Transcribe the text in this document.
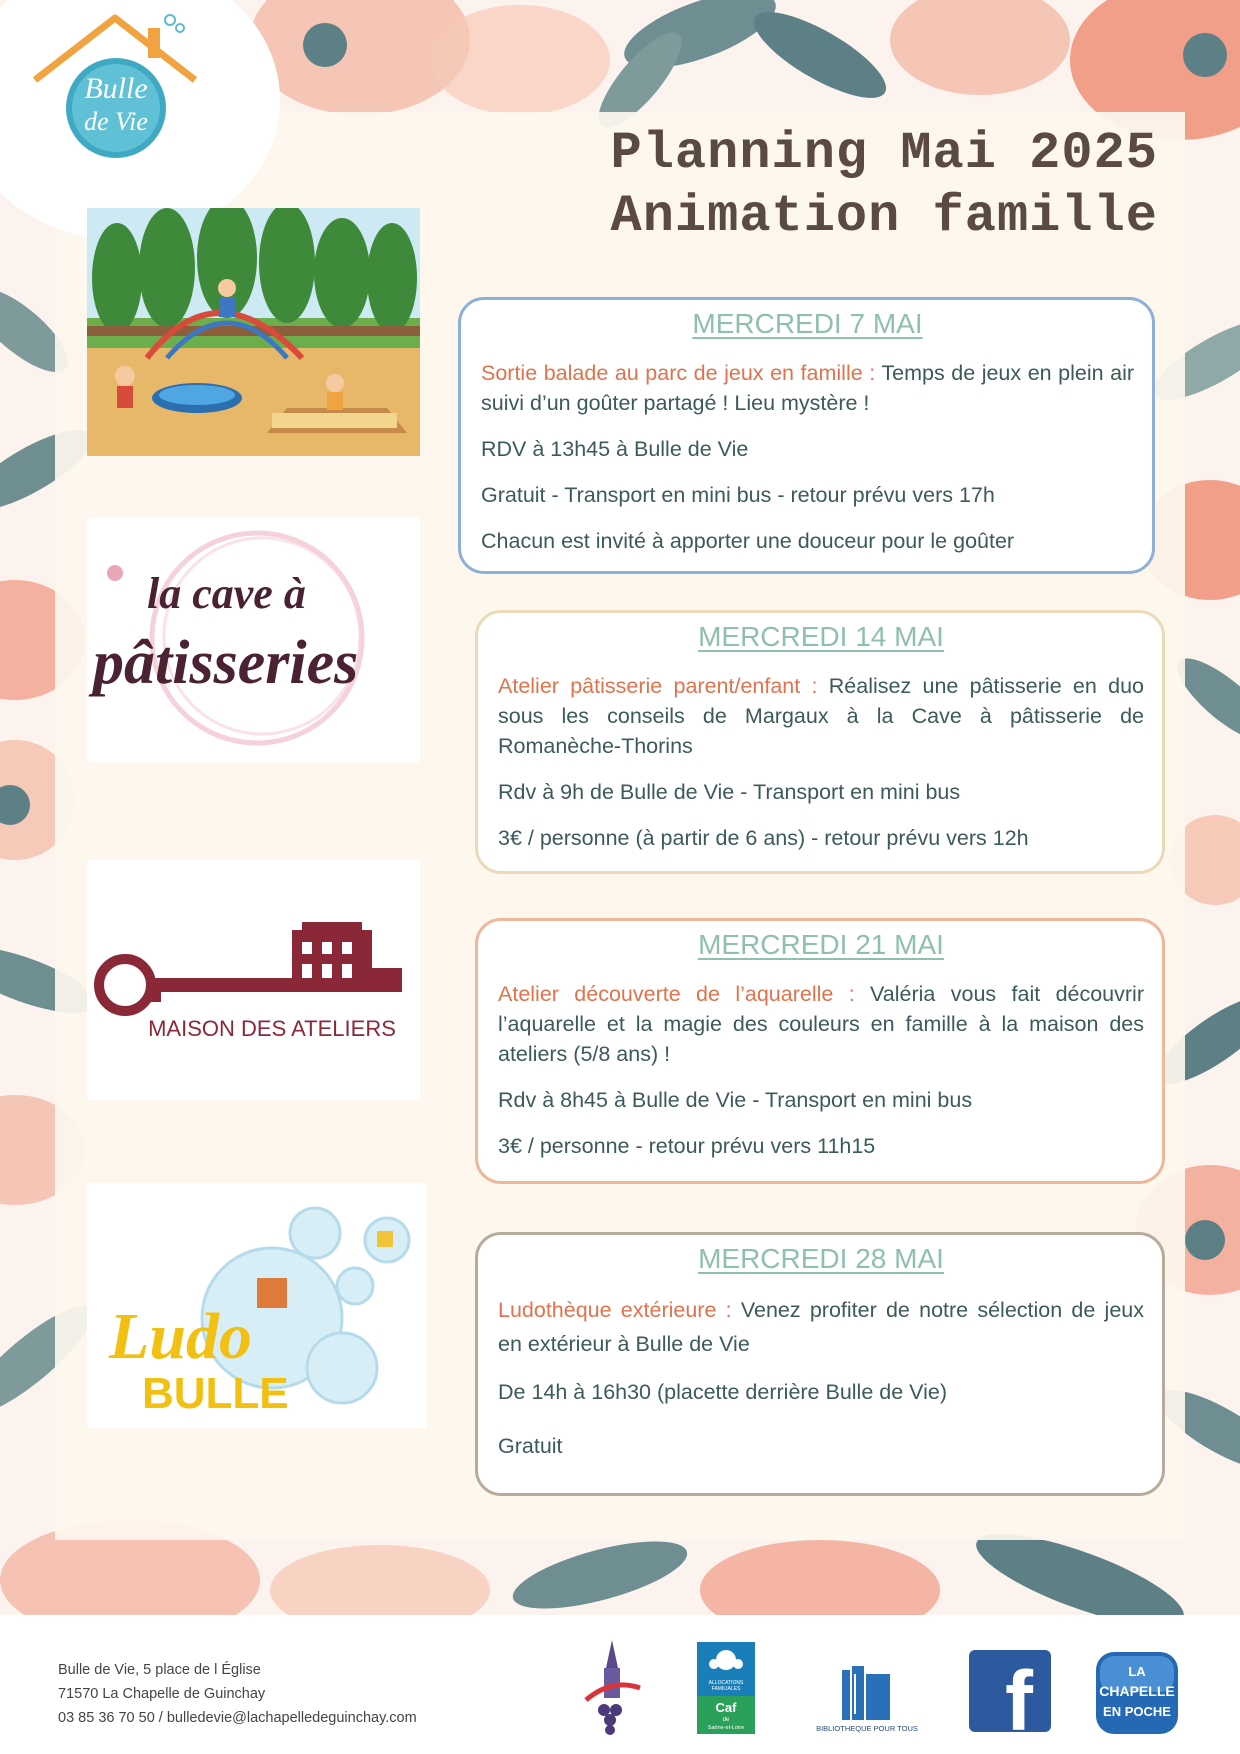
Bulle
de Vie
Planning Mai 2025
Animation famille
la cave à
pâtisseries
MAISON DES ATELIERS
Ludo
BULLE
MERCREDI 7 MAI

Sortie balade au parc de jeux en famille : Temps de jeux en plein air suivi d’un goûter partagé ! Lieu mystère !

RDV à 13h45 à Bulle de Vie

Gratuit - Transport en mini bus - retour prévu vers 17h

Chacun est invité à apporter une douceur pour le goûter

MERCREDI 14 MAI

Atelier pâtisserie parent/enfant : Réalisez une pâtisserie en duo sous les conseils de Margaux à la Cave à pâtisserie de Romanèche-Thorins

Rdv à 9h de Bulle de Vie - Transport en mini bus

3€ / personne (à partir de 6 ans) - retour prévu vers 12h

MERCREDI 21 MAI

Atelier découverte de l’aquarelle : Valéria vous fait découvrir l’aquarelle et la magie des couleurs en famille à la maison des ateliers (5/8 ans) !

Rdv à 8h45 à Bulle de Vie - Transport en mini bus

3€ / personne - retour prévu vers 11h15

MERCREDI 28 MAI

Ludothèque extérieure : Venez profiter de notre sélection de jeux en extérieur à Bulle de Vie

De 14h à 16h30 (placette derrière Bulle de Vie)

Gratuit

Bulle de Vie, 5 place de l Église
71570 La Chapelle de Guinchay
03 85 36 70 50 / bulledevie@lachapelledeguinchay.com
ALLOCATIONS
FAMILIALES
Caf
de
Saône-et-Loire	BIBLIOTHEQUE POUR TOUS f	LA
CHAPELLE
EN POCHE
